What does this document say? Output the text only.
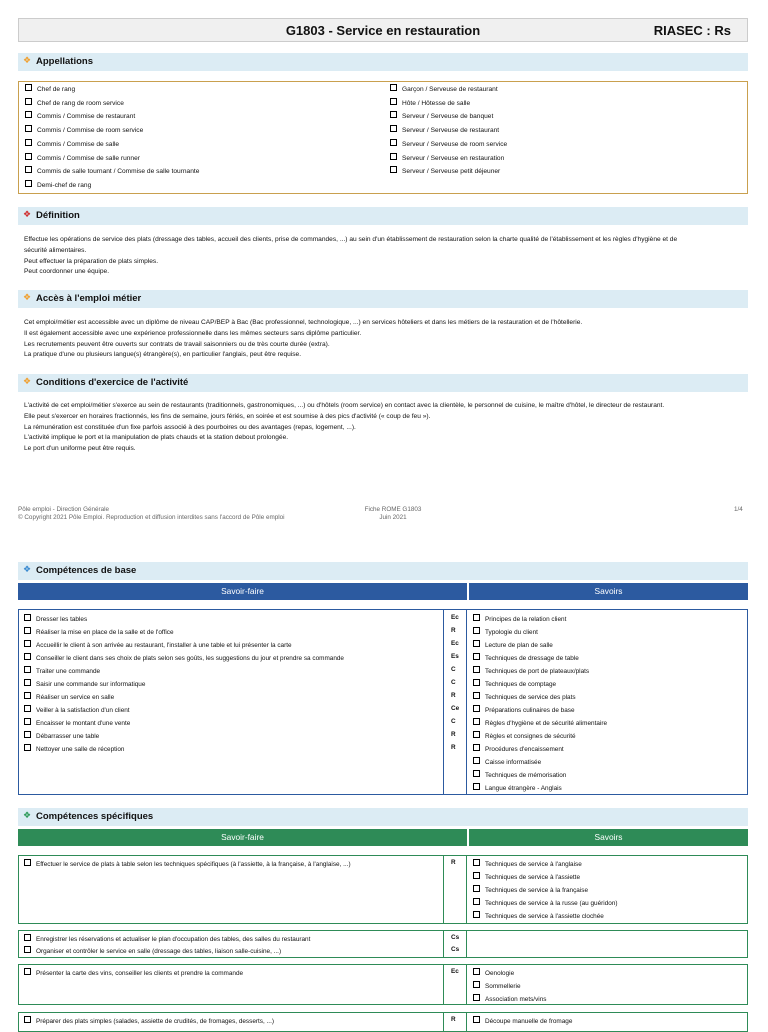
G1803 - Service en restauration	RIASEC : Rs
❖ Appellations
Chef de rang
Chef de rang de room service
Commis / Commise de restaurant
Commis / Commise de room service
Commis / Commise de salle
Commis / Commise de salle runner
Commis de salle tournant / Commise de salle tournante
Demi-chef de rang
Garçon / Serveuse de restaurant
Hôte / Hôtesse de salle
Serveur / Serveuse de banquet
Serveur / Serveuse de restaurant
Serveur / Serveuse de room service
Serveur / Serveuse en restauration
Serveur / Serveuse petit déjeuner
❖ Définition
Effectue les opérations de service des plats (dressage des tables, accueil des clients, prise de commandes, ...) au sein d'un établissement de restauration selon la charte qualité de l'établissement et les règles d'hygiène et de
sécurité alimentaires.
Peut effectuer la préparation de plats simples.
Peut coordonner une équipe.
❖ Accès à l'emploi métier
Cet emploi/métier est accessible avec un diplôme de niveau CAP/BEP à Bac (Bac professionnel, technologique, ...) en services hôteliers et dans les métiers de la restauration et de l'hôtellerie.
Il est également accessible avec une expérience professionnelle dans les mêmes secteurs sans diplôme particulier.
Les recrutements peuvent être ouverts sur contrats de travail saisonniers ou de très courte durée (extra).
La pratique d'une ou plusieurs langue(s) étrangère(s), en particulier l'anglais, peut être requise.
❖ Conditions d'exercice de l'activité
L'activité de cet emploi/métier s'exerce au sein de restaurants (traditionnels, gastronomiques, ...) ou d'hôtels (room service) en contact avec la clientèle, le personnel de cuisine, le maître d'hôtel, le directeur de restaurant.
Elle peut s'exercer en horaires fractionnés, les fins de semaine, jours fériés, en soirée et est soumise à des pics d'activité (« coup de feu »).
La rémunération est constituée d'un fixe parfois associé à des pourboires ou des avantages (repas, logement, ...).
L'activité implique le port et la manipulation de plats chauds et la station debout prolongée.
Le port d'un uniforme peut être requis.
Pôle emploi - Direction Générale
© Copyright 2021 Pôle Emploi. Reproduction et diffusion interdites sans l'accord de Pôle emploi
Fiche ROME G1803
Juin 2021
1/4
❖ Compétences de base
Savoir-faire	Savoirs
Dresser les tables	Ec
Réaliser la mise en place de la salle et de l'office	R
Accueillir le client à son arrivée au restaurant, l'installer à une table et lui présenter la carte	Ec
Conseiller le client dans ses choix de plats selon ses goûts, les suggestions du jour et prendre sa commande	Es
Traiter une commande	C
Saisir une commande sur informatique	C
Réaliser un service en salle	R
Veiller à la satisfaction d'un client	Ce
Encaisser le montant d'une vente	C
Débarrasser une table	R
Nettoyer une salle de réception	R
Principes de la relation client
Typologie du client
Lecture de plan de salle
Techniques de dressage de table
Techniques de port de plateaux/plats
Techniques de comptage
Techniques de service des plats
Préparations culinaires de base
Règles d'hygiène et de sécurité alimentaire
Règles et consignes de sécurité
Procédures d'encaissement
Caisse informatisée
Techniques de mémorisation
Langue étrangère - Anglais
❖ Compétences spécifiques
Savoir-faire	Savoirs
Effectuer le service de plats à table selon les techniques spécifiques (à l'assiette, à la française, à l'anglaise, ...)	R	Techniques de service à l'anglaise
Techniques de service à l'assiette
Techniques de service à la française
Techniques de service à la russe (au guéridon)
Techniques de service à l'assiette clochée
Enregistrer les réservations et actualiser le plan d'occupation des tables, des salles du restaurant	Cs
Organiser et contrôler le service en salle (dressage des tables, liaison salle-cuisine, ...)	Cs
Présenter la carte des vins, conseiller les clients et prendre la commande	Ec	Oenologie
Sommellerie
Association mets/vins
Préparer des plats simples (salades, assiette de crudités, de fromages, desserts, ...)	R	Découpe manuelle de fromage
